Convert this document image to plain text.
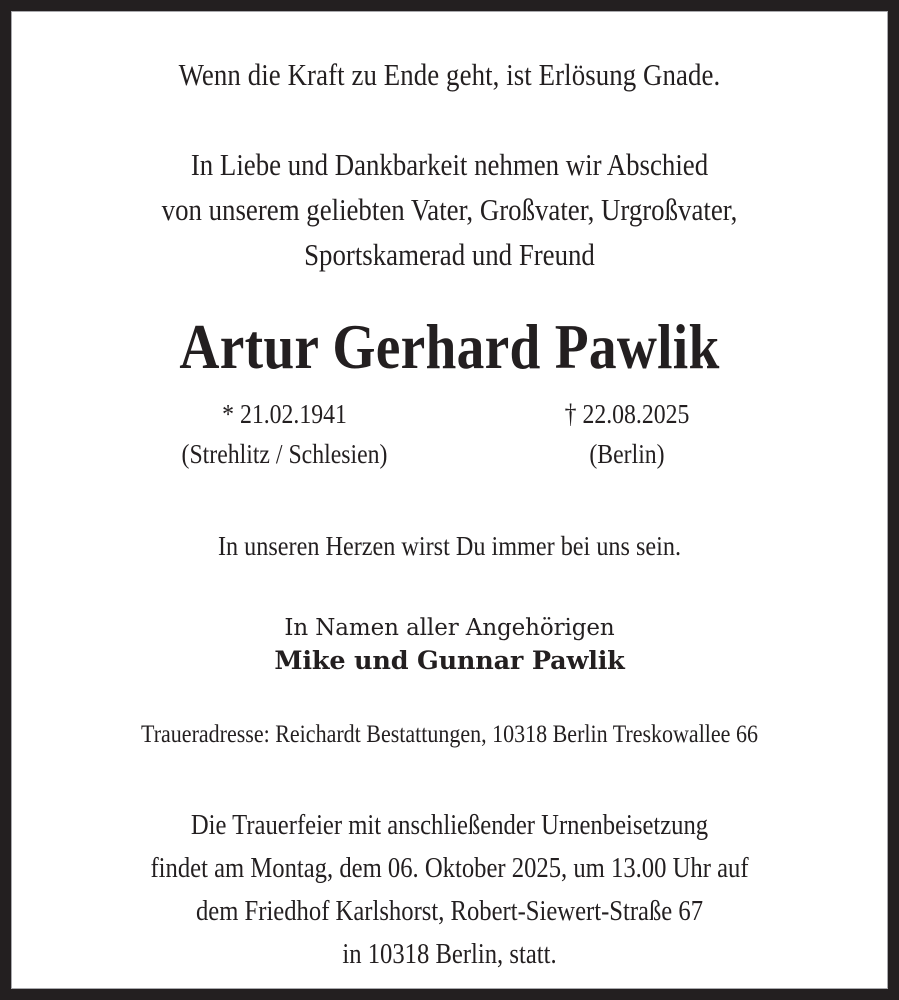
Wenn die Kraft zu Ende geht, ist Erlösung Gnade.
In Liebe und Dankbarkeit nehmen wir Abschied
von unserem geliebten Vater, Großvater, Urgroßvater,
Sportskamerad und Freund
Artur Gerhard Pawlik
* 21.02.1941	† 22.08.2025
(Strehlitz / Schlesien)	(Berlin)
In unseren Herzen wirst Du immer bei uns sein.
In Namen aller Angehörigen
Mike und Gunnar Pawlik
Traueradresse: Reichardt Bestattungen, 10318 Berlin Treskowallee 66
Die Trauerfeier mit anschließender Urnenbeisetzung
findet am Montag, dem 06. Oktober 2025, um 13.00 Uhr auf
dem Friedhof Karlshorst, Robert-Siewert-Straße 67
in 10318 Berlin, statt.
